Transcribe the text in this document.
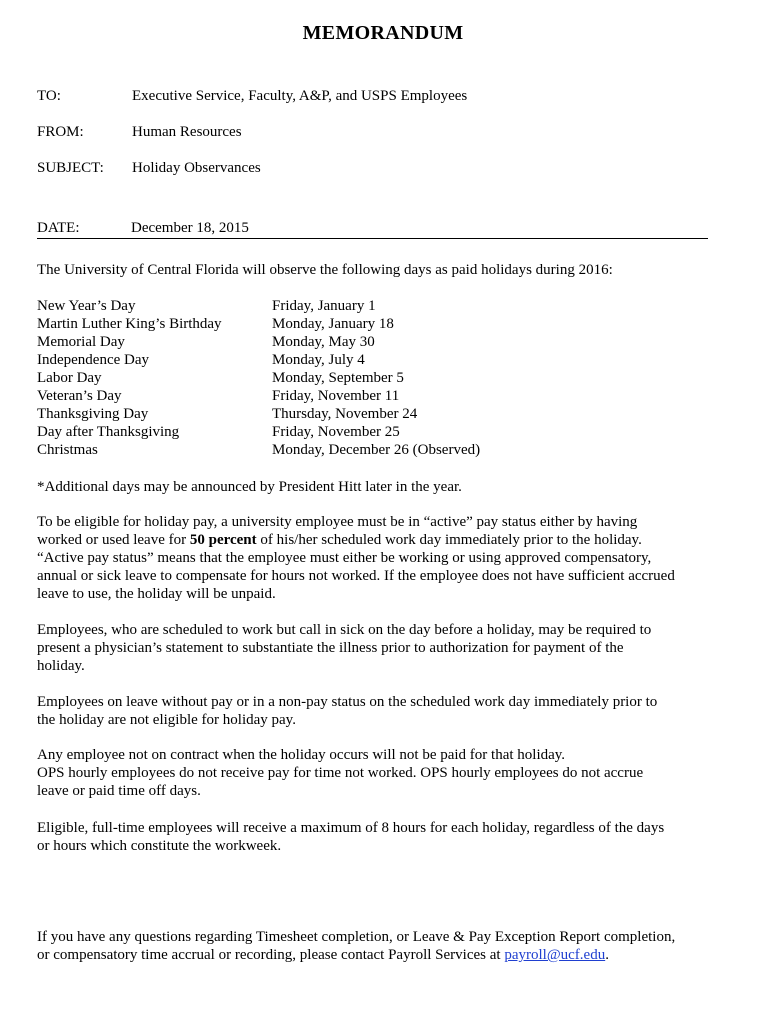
MEMORANDUM
TO:	Executive Service, Faculty, A&P, and USPS Employees
FROM:	Human Resources
SUBJECT: Holiday Observances
DATE:	December 18, 2015

The University of Central Florida will observe the following days as paid holidays during 2016:

New Year’s Day	Friday, January 1
Martin Luther King’s Birthday	Monday, January 18
Memorial Day	Monday, May 30
Independence Day	Monday, July 4
Labor Day	Monday, September 5
Veteran’s Day	Friday, November 11
Thanksgiving Day	Thursday, November 24
Day after Thanksgiving	Friday, November 25
Christmas	Monday, December 26 (Observed)

*Additional days may be announced by President Hitt later in the year.

To be eligible for holiday pay, a university employee must be in “active” pay status either by having
worked or used leave for 50 percent of his/her scheduled work day immediately prior to the holiday.
“Active pay status” means that the employee must either be working or using approved compensatory,
annual or sick leave to compensate for hours not worked. If the employee does not have sufficient accrued
leave to use, the holiday will be unpaid.
Employees, who are scheduled to work but call in sick on the day before a holiday, may be required to
present a physician’s statement to substantiate the illness prior to authorization for payment of the
holiday.
Employees on leave without pay or in a non-pay status on the scheduled work day immediately prior to
the holiday are not eligible for holiday pay.
Any employee not on contract when the holiday occurs will not be paid for that holiday.
OPS hourly employees do not receive pay for time not worked. OPS hourly employees do not accrue
leave or paid time off days.
Eligible, full-time employees will receive a maximum of 8 hours for each holiday, regardless of the days
or hours which constitute the workweek.
If you have any questions regarding Timesheet completion, or Leave & Pay Exception Report completion,
or compensatory time accrual or recording, please contact Payroll Services at payroll@ucf.edu.
